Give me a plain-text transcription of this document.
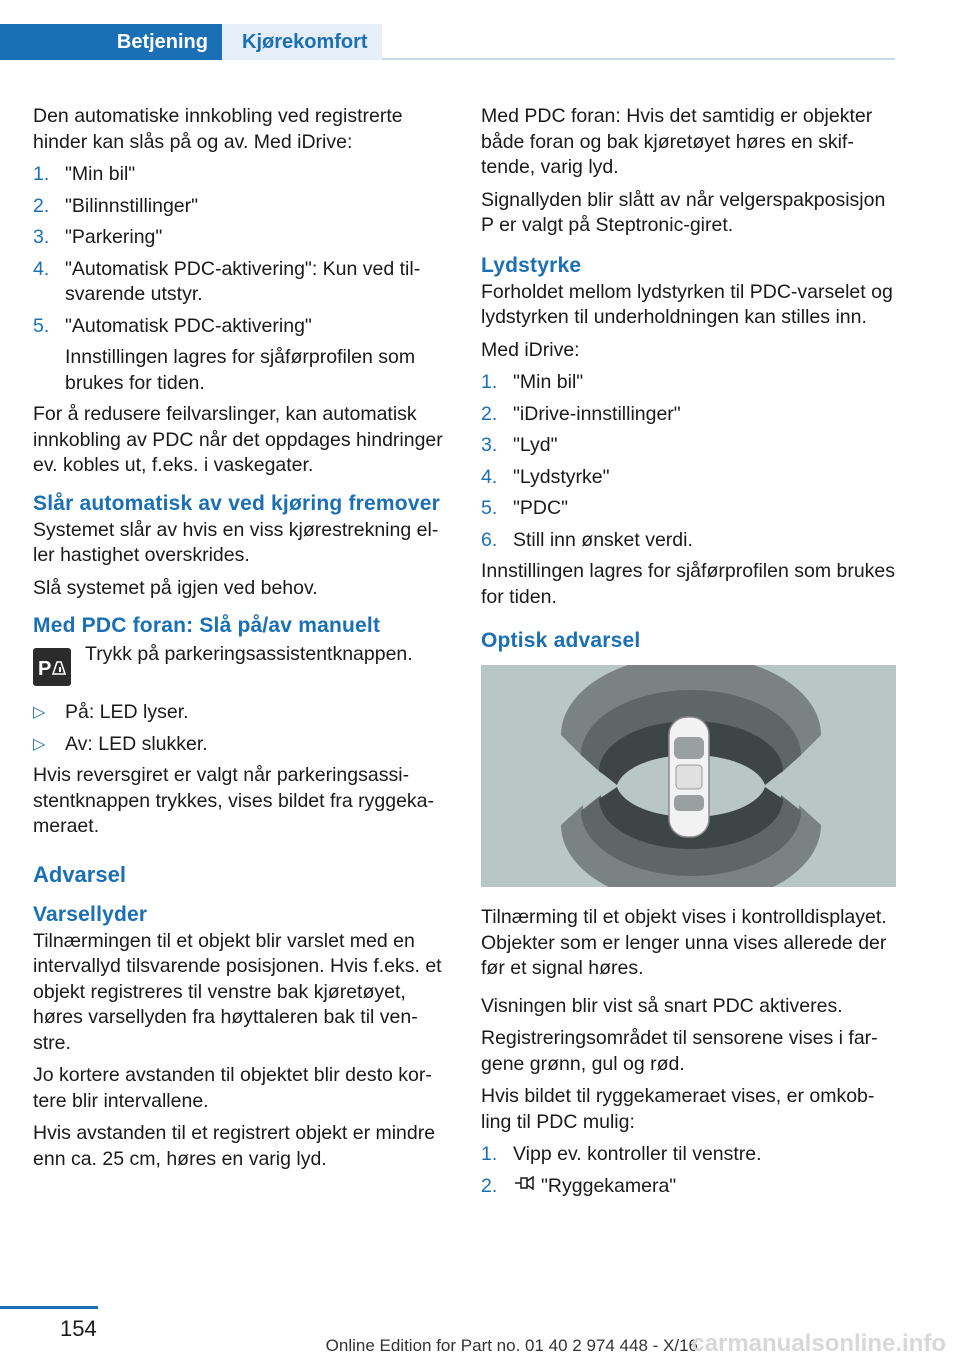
Betjening	Kjørekomfort

Den automatiske innkobling ved registrerte hinder kan slås på og av. Med iDrive:

1. "Min bil"
2. "Bilinnstillinger"
3. "Parkering"
4. "Automatisk PDC-aktivering": Kun ved tilsvarende utstyr.
5. "Automatisk PDC-aktivering"
Innstillingen lagres for sjåførprofilen som brukes for tiden.

For å redusere feilvarslinger, kan automatisk innkobling av PDC når det oppdages hindringer ev. kobles ut, f.eks. i vaskegater.

Slår automatisk av ved kjøring fremover

Systemet slår av hvis en viss kjørestrekning eller hastighet overskrides.

Slå systemet på igjen ved behov.

Med PDC foran: Slå på/av manuelt
P
Trykk på parkeringsassistentknappen.
▷ På: LED lyser.
▷ Av: LED slukker.

Hvis reversgiret er valgt når parkeringsassistentknappen trykkes, vises bildet fra ryggekameraet.

Advarsel
Varsellyder

Tilnærmingen til et objekt blir varslet med en intervallyd tilsvarende posisjonen. Hvis f.eks. et objekt registreres til venstre bak kjøretøyet, høres varsellyden fra høyttaleren bak til venstre.

Jo kortere avstanden til objektet blir desto kortere blir intervallene.

Hvis avstanden til et registrert objekt er mindre enn ca. 25 cm, høres en varig lyd.

Med PDC foran: Hvis det samtidig er objekter både foran og bak kjøretøyet høres en skiftende, varig lyd.

Signallyden blir slått av når velgerspakposisjon P er valgt på Steptronic-giret.

Lydstyrke

Forholdet mellom lydstyrken til PDC-varselet og lydstyrken til underholdningen kan stilles inn.

Med iDrive:

1. "Min bil"
2. "iDrive-innstillinger"
3. "Lyd"
4. "Lydstyrke"
5. "PDC"
6. Still inn ønsket verdi.

Innstillingen lagres for sjåførprofilen som brukes for tiden.

Optisk advarsel

Tilnærming til et objekt vises i kontrolldisplayet. Objekter som er lenger unna vises allerede der før et signal høres.

Visningen blir vist så snart PDC aktiveres.

Registreringsområdet til sensorene vises i fargene grønn, gul og rød.

Hvis bildet til ryggekameraet vises, er omkobling til PDC mulig:

1. Vipp ev. kontroller til venstre.
2. "Ryggekamera"
154
Online Edition for Part no. 01 40 2 974 448 - X/16
carmanualsonline.info
